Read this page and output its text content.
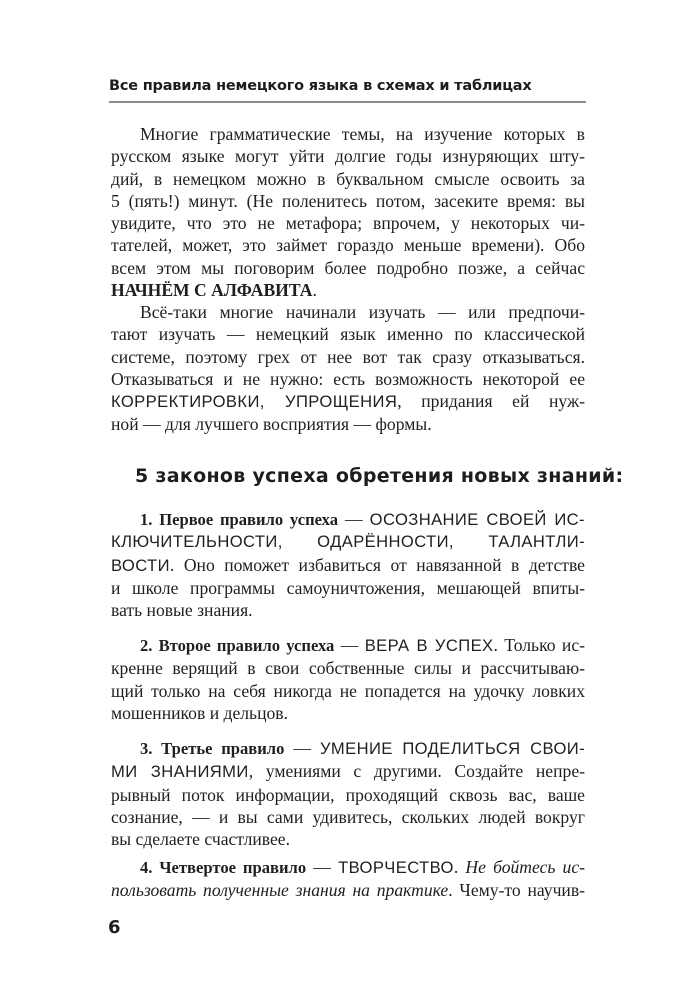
Все правила немецкого языка в схемах и таблицах
Многие грамматические темы, на изучение которых в
русском языке могут уйти долгие годы изнуряющих шту-
дий, в немецком можно в буквальном смысле освоить за
5 (пять!) минут. (Не поленитесь потом, засеките время: вы
увидите, что это не метафора; впрочем, у некоторых чи-
тателей, может, это займет гораздо меньше времени). Обо
всем этом мы поговорим более подробно позже, а сейчас
НАЧНЁМ С АЛФАВИТА.
Всё-таки многие начинали изучать — или предпочи-
тают изучать — немецкий язык именно по классической
системе, поэтому грех от нее вот так сразу отказываться.
Отказываться и не нужно: есть возможность некоторой ее
КОРРЕКТИРОВКИ, УПРОЩЕНИЯ, придания ей нуж-
ной — для лучшего восприятия — формы.
5 законов успеха обретения новых знаний:
1. Первое правило успеха — ОСОЗНАНИЕ СВОЕЙ ИС-
КЛЮЧИТЕЛЬНОСТИ, ОДАРЁННОСТИ, ТАЛАНТЛИ-
ВОСТИ. Оно поможет избавиться от навязанной в детстве
и школе программы самоуничтожения, мешающей впиты-
вать новые знания.
2. Второе правило успеха — ВЕРА В УСПЕХ. Только ис-
кренне верящий в свои собственные силы и рассчитываю-
щий только на себя никогда не попадется на удочку ловких
мошенников и дельцов.
3. Третье правило — УМЕНИЕ ПОДЕЛИТЬСЯ СВОИ-
МИ ЗНАНИЯМИ, умениями с другими. Создайте непре-
рывный поток информации, проходящий сквозь вас, ваше
сознание, — и вы сами удивитесь, скольких людей вокруг
вы сделаете счастливее.
4. Четвертое правило — ТВОРЧЕСТВО. Не бойтесь ис-
пользовать полученные знания на практике. Чему-то научив-
6
